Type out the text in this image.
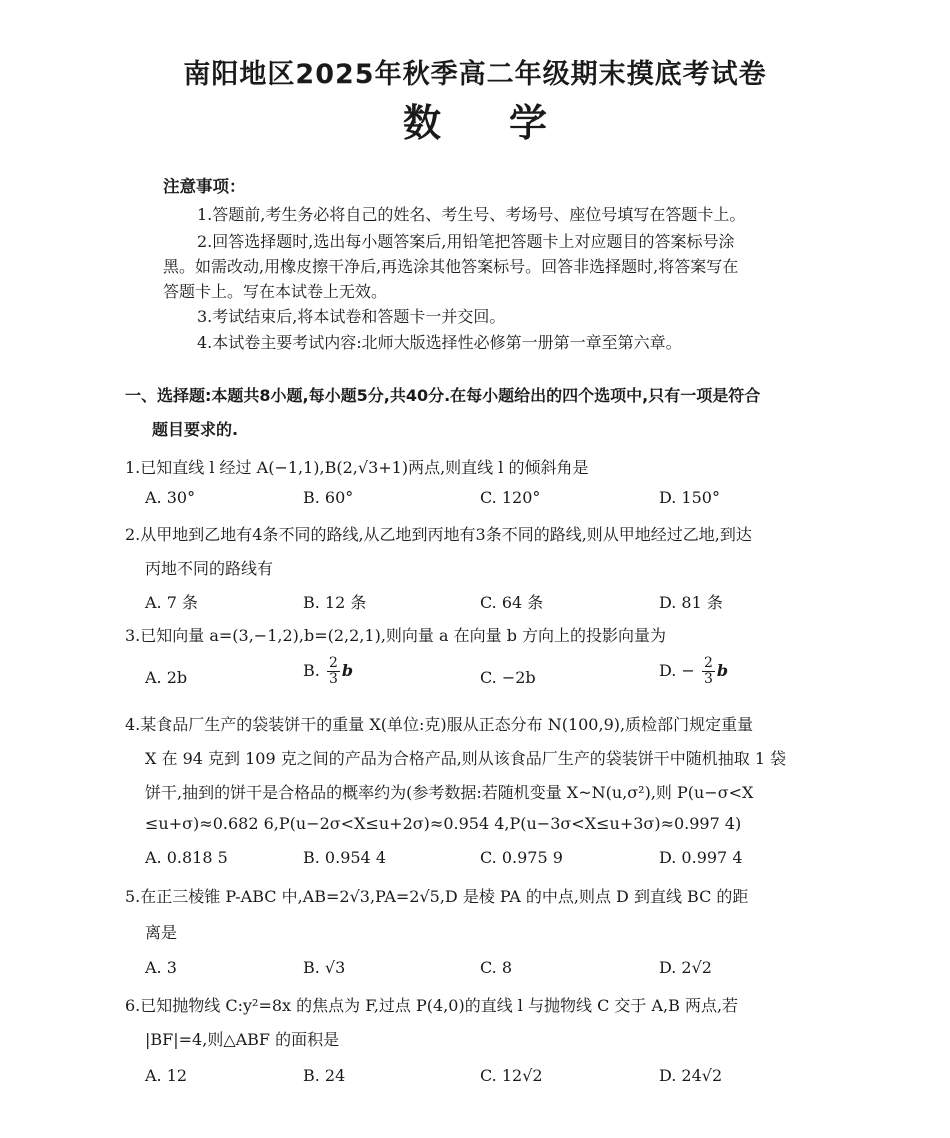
南阳地区2025年秋季高二年级期末摸底考试卷
数学
注意事项：
1.答题前,考生务必将自己的姓名、考生号、考场号、座位号填写在答题卡上。
2.回答选择题时,选出每小题答案后,用铅笔把答题卡上对应题目的答案标号涂
黑。如需改动,用橡皮擦干净后,再选涂其他答案标号。回答非选择题时,将答案写在
答题卡上。写在本试卷上无效。
3.考试结束后,将本试卷和答题卡一并交回。
4.本试卷主要考试内容:北师大版选择性必修第一册第一章至第六章。
一、选择题:本题共8小题,每小题5分,共40分.在每小题给出的四个选项中,只有一项是符合
题目要求的.
1.已知直线 l 经过 A(−1,1),B(2,√3+1)两点,则直线 l 的倾斜角是
A. 30°	B. 60°	C. 120°	D. 150°
2.从甲地到乙地有4条不同的路线,从乙地到丙地有3条不同的路线,则从甲地经过乙地,到达
丙地不同的路线有
A. 7 条	B. 12 条	C. 64 条	D. 81 条
3.已知向量 a=(3,−1,2),b=(2,2,1),则向量 a 在向量 b 方向上的投影向量为
A. 2b	B. $\frac{2}{3}$ b	C. −2b	D. − $\frac{2}{3}$ b
4.某食品厂生产的袋装饼干的重量 X(单位:克)服从正态分布 N(100,9),质检部门规定重量
X 在 94 克到 109 克之间的产品为合格产品,则从该食品厂生产的袋装饼干中随机抽取 1 袋
饼干,抽到的饼干是合格品的概率约为(参考数据:若随机变量 X~N(u,σ²),则 P(u−σ<X
≤u+σ)≈0.682 6,P(u−2σ<X≤u+2σ)≈0.954 4,P(u−3σ<X≤u+3σ)≈0.997 4)
A. 0.818 5	B. 0.954 4	C. 0.975 9	D. 0.997 4
5.在正三棱锥 P-ABC 中,AB=2√3,PA=2√5,D 是棱 PA 的中点,则点 D 到直线 BC 的距
离是
A. 3	B. √3	C. 8	D. 2√2
6.已知抛物线 C:y²=8x 的焦点为 F,过点 P(4,0)的直线 l 与抛物线 C 交于 A,B 两点,若
|BF|=4,则△ABF 的面积是
A. 12	B. 24	C. 12√2	D. 24√2
